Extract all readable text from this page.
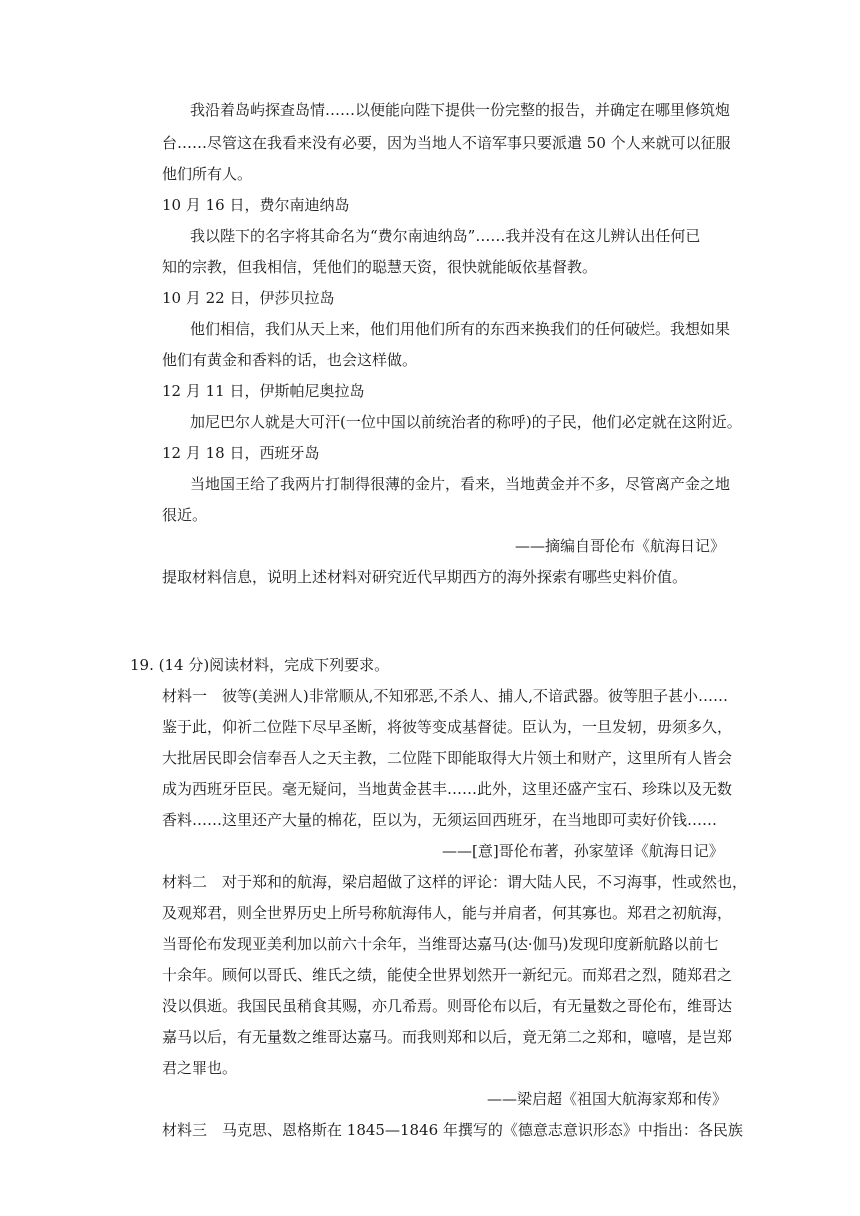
我沿着岛屿探查岛情……以便能向陛下提供一份完整的报告，并确定在哪里修筑炮
台……尽管这在我看来没有必要，因为当地人不谙军事只要派遣 50 个人来就可以征服
他们所有人。
10 月 16 日，费尔南迪纳岛
我以陛下的名字将其命名为“费尔南迪纳岛”……我并没有在这儿辨认出任何已
知的宗教，但我相信，凭他们的聪慧天资，很快就能皈依基督教。
10 月 22 日，伊莎贝拉岛
他们相信，我们从天上来，他们用他们所有的东西来换我们的任何破烂。我想如果
他们有黄金和香料的话，也会这样做。
12 月 11 日，伊斯帕尼奥拉岛
加尼巴尔人就是大可汗(一位中国以前统治者的称呼)的子民，他们必定就在这附近。
12 月 18 日，西班牙岛
当地国王给了我两片打制得很薄的金片，看来，当地黄金并不多，尽管离产金之地
很近。
——摘编自哥伦布《航海日记》
提取材料信息，说明上述材料对研究近代早期西方的海外探索有哪些史料价值。
19. (14 分)阅读材料，完成下列要求。
材料一　彼等(美洲人)非常顺从,不知邪恶,不杀人、捕人,不谙武器。彼等胆子甚小……
鉴于此，仰祈二位陛下尽早圣断，将彼等变成基督徒。臣认为，一旦发轫，毋须多久，
大批居民即会信奉吾人之天主教，二位陛下即能取得大片领土和财产，这里所有人皆会
成为西班牙臣民。毫无疑问，当地黄金甚丰……此外，这里还盛产宝石、珍珠以及无数
香料……这里还产大量的棉花，臣以为，无须运回西班牙，在当地即可卖好价钱……
——[意]哥伦布著，孙家堃译《航海日记》
材料二　对于郑和的航海，梁启超做了这样的评论：谓大陆人民，不习海事，性或然也，
及观郑君，则全世界历史上所号称航海伟人，能与并肩者，何其寡也。郑君之初航海，
当哥伦布发现亚美利加以前六十余年，当维哥达嘉马(达·伽马)发现印度新航路以前七
十余年。顾何以哥氏、维氏之绩，能使全世界划然开一新纪元。而郑君之烈，随郑君之
没以俱逝。我国民虽稍食其赐，亦几希焉。则哥伦布以后，有无量数之哥伦布，维哥达
嘉马以后，有无量数之维哥达嘉马。而我则郑和以后，竟无第二之郑和，噫嘻，是岂郑
君之罪也。
——梁启超《祖国大航海家郑和传》
材料三　马克思、恩格斯在 1845—1846 年撰写的《德意志意识形态》中指出：各民族
